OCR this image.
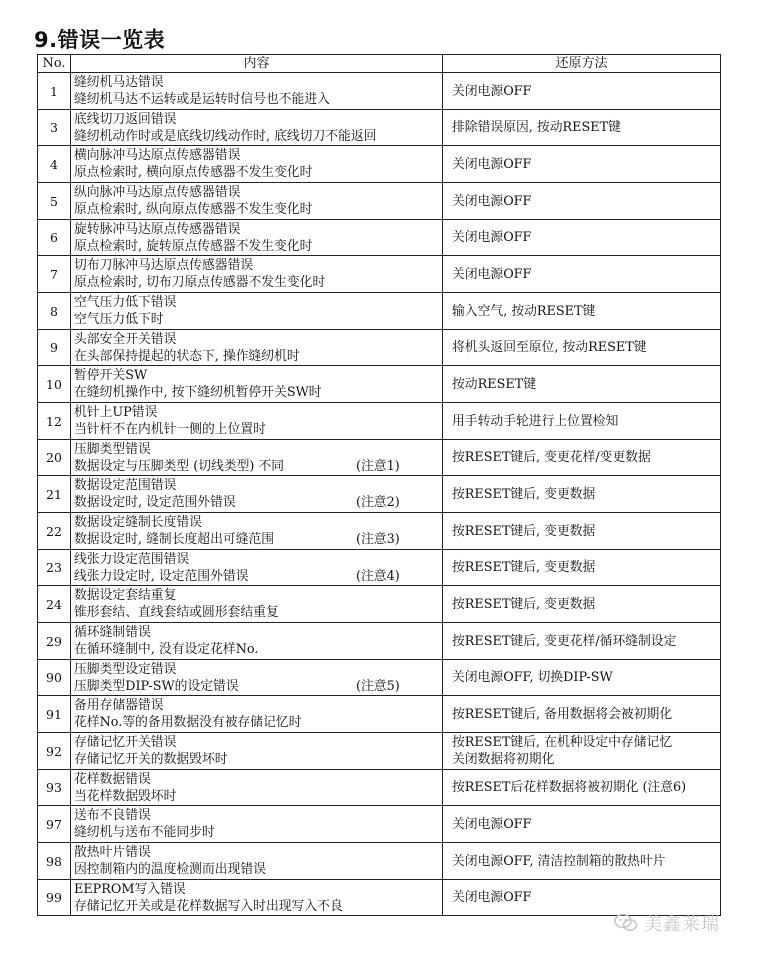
9.错误一览表
No.	内容	还原方法
1	缝纫机马达错误
缝纫机马达不运转或是运转时信号也不能进入	关闭电源OFF

3	底线切刀返回错误
缝纫机动作时或是底线切线动作时, 底线切刀不能返回	排除错误原因, 按动RESET键

4	横向脉冲马达原点传感器错误
原点检索时, 横向原点传感器不发生变化时	关闭电源OFF

5	纵向脉冲马达原点传感器错误
原点检索时, 纵向原点传感器不发生变化时	关闭电源OFF

6	旋转脉冲马达原点传感器错误
原点检索时, 旋转原点传感器不发生变化时	关闭电源OFF

7	切布刀脉冲马达原点传感器错误
原点检索时, 切布刀原点传感器不发生变化时	关闭电源OFF

8	空气压力低下错误
空气压力低下时	输入空气, 按动RESET键

9	头部安全开关错误
在头部保持提起的状态下, 操作缝纫机时	将机头返回至原位, 按动RESET键

10	暂停开关SW
在缝纫机操作中, 按下缝纫机暂停开关SW时	按动RESET键

12	机针上UP错误
当针杆不在内机针一侧的上位置时	用手转动手轮进行上位置检知

20	压脚类型错误
数据设定与压脚类型 (切线类型) 不同 (注意1)	按RESET键后, 变更花样/变更数据

21	数据设定范围错误
数据设定时, 设定范围外错误 (注意2)	按RESET键后, 变更数据

22	数据设定缝制长度错误
数据设定时, 缝制长度超出可缝范围 (注意3)	按RESET键后, 变更数据

23	线张力设定范围错误
线张力设定时, 设定范围外错误 (注意4)	按RESET键后, 变更数据

24	数据设定套结重复
锥形套结、直线套结或圆形套结重复	按RESET键后, 变更数据

29	循环缝制错误
在循环缝制中, 没有设定花样No.	按RESET键后, 变更花样/循环缝制设定

90	压脚类型设定错误
压脚类型DIP-SW的设定错误 (注意5)	关闭电源OFF, 切换DIP-SW

91	备用存储器错误
花样No.等的备用数据没有被存储记忆时	按RESET键后, 备用数据将会被初期化

92	存储记忆开关错误
存储记忆开关的数据毁坏时	按RESET键后, 在机种设定中存储记忆
关闭数据将初期化

93	花样数据错误
当花样数据毁坏时	按RESET后花样数据将被初期化 (注意6)

97	送布不良错误
缝纫机与送布不能同步时	关闭电源OFF

98	散热叶片错误
因控制箱内的温度检测而出现错误	关闭电源OFF, 清洁控制箱的散热叶片

99	EEPROM写入错误
存储记忆开关或是花样数据写入时出现写入不良	关闭电源OFF
美鑫莱瑞
